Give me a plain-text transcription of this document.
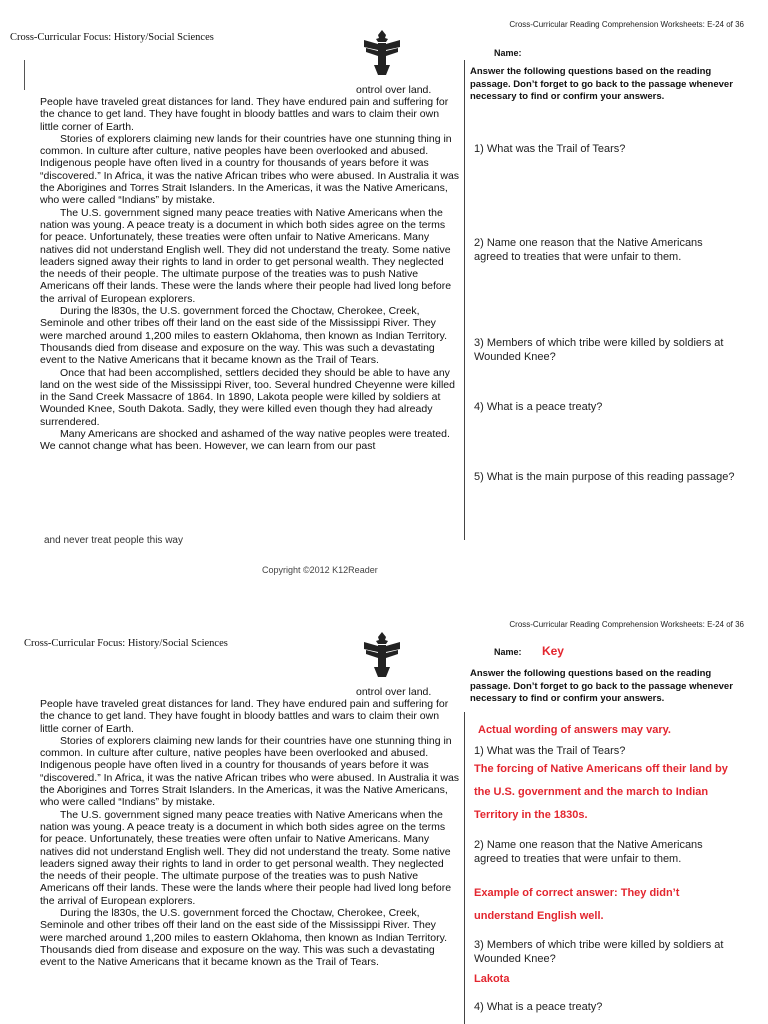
Cross-Curricular Reading Comprehension Worksheets: E-24 of 36
Cross-Curricular Focus: History/Social Sciences
ontrol over land.

People have traveled great distances for land. They have endured pain and suffering for the chance to get land. They have fought in bloody battles and wars to claim their own little corner of Earth.

Stories of explorers claiming new lands for their countries have one stunning thing in common. In culture after culture, native peoples have been overlooked and abused. Indigenous people have often lived in a country for thousands of years before it was “discovered.” In Africa, it was the native African tribes who were abused. In Australia it was the Aborigines and Torres Strait Islanders. In the Americas, it was the Native Americans, who were called “Indians” by mistake.

The U.S. government signed many peace treaties with Native Americans when the nation was young. A peace treaty is a document in which both sides agree on the terms for peace. Unfortunately, these treaties were often unfair to Native Americans. Many natives did not understand English well. They did not understand the treaty. Some native leaders signed away their rights to land in order to get personal wealth. They neglected the needs of their people. The ultimate purpose of the treaties was to push Native Americans off their lands. These were the lands where their people had lived long before the arrival of European explorers.

During the l830s, the U.S. government forced the Choctaw, Cherokee, Creek, Seminole and other tribes off their land on the east side of the Mississippi River. They were marched around 1,200 miles to eastern Oklahoma, then known as Indian Territory. Thousands died from disease and exposure on the way. This was such a devastating event to the Native Americans that it became known as the Trail of Tears.

Once that had been accomplished, settlers decided they should be able to have any land on the west side of the Mississippi River, too. Several hundred Cheyenne were killed in the Sand Creek Massacre of 1864. In 1890, Lakota people were killed by soldiers at Wounded Knee, South Dakota. Sadly, they were killed even though they had already surrendered.

Many Americans are shocked and ashamed of the way native peoples were treated. We cannot change what has been. However, we can learn from our past

and never treat people this way
Copyright ©2012 K12Reader
Name:
Answer the following questions based on the reading passage. Don’t forget to go back to the passage whenever necessary to find or confirm your answers.
1) What was the Trail of Tears?
2) Name one reason that the Native Americans agreed to treaties that were unfair to them.
3) Members of which tribe were killed by soldiers at Wounded Knee?
4) What is a peace treaty?
5) What is the main purpose of this reading passage?
Cross-Curricular Reading Comprehension Worksheets: E-24 of 36
Cross-Curricular Focus: History/Social Sciences
ontrol over land.

People have traveled great distances for land. They have endured pain and suffering for the chance to get land. They have fought in bloody battles and wars to claim their own little corner of Earth.

Stories of explorers claiming new lands for their countries have one stunning thing in common. In culture after culture, native peoples have been overlooked and abused. Indigenous people have often lived in a country for thousands of years before it was “discovered.” In Africa, it was the native African tribes who were abused. In Australia it was the Aborigines and Torres Strait Islanders. In the Americas, it was the Native Americans, who were called “Indians” by mistake.

The U.S. government signed many peace treaties with Native Americans when the nation was young. A peace treaty is a document in which both sides agree on the terms for peace. Unfortunately, these treaties were often unfair to Native Americans. Many natives did not understand English well. They did not understand the treaty. Some native leaders signed away their rights to land in order to get personal wealth. They neglected the needs of their people. The ultimate purpose of the treaties was to push Native Americans off their lands. These were the lands where their people had lived long before the arrival of European explorers.

During the l830s, the U.S. government forced the Choctaw, Cherokee, Creek, Seminole and other tribes off their land on the east side of the Mississippi River. They were marched around 1,200 miles to eastern Oklahoma, then known as Indian Territory. Thousands died from disease and exposure on the way. This was such a devastating event to the Native Americans that it became known as the Trail of Tears.

Name: Key
Answer the following questions based on the reading passage. Don’t forget to go back to the passage whenever necessary to find or confirm your answers.
Actual wording of answers may vary.
1) What was the Trail of Tears?
The forcing of Native Americans off their land by the U.S. government and the march to Indian Territory in the 1830s.
2) Name one reason that the Native Americans agreed to treaties that were unfair to them.
Example of correct answer: They didn’t understand English well.
3) Members of which tribe were killed by soldiers at Wounded Knee?
Lakota
4) What is a peace treaty?
